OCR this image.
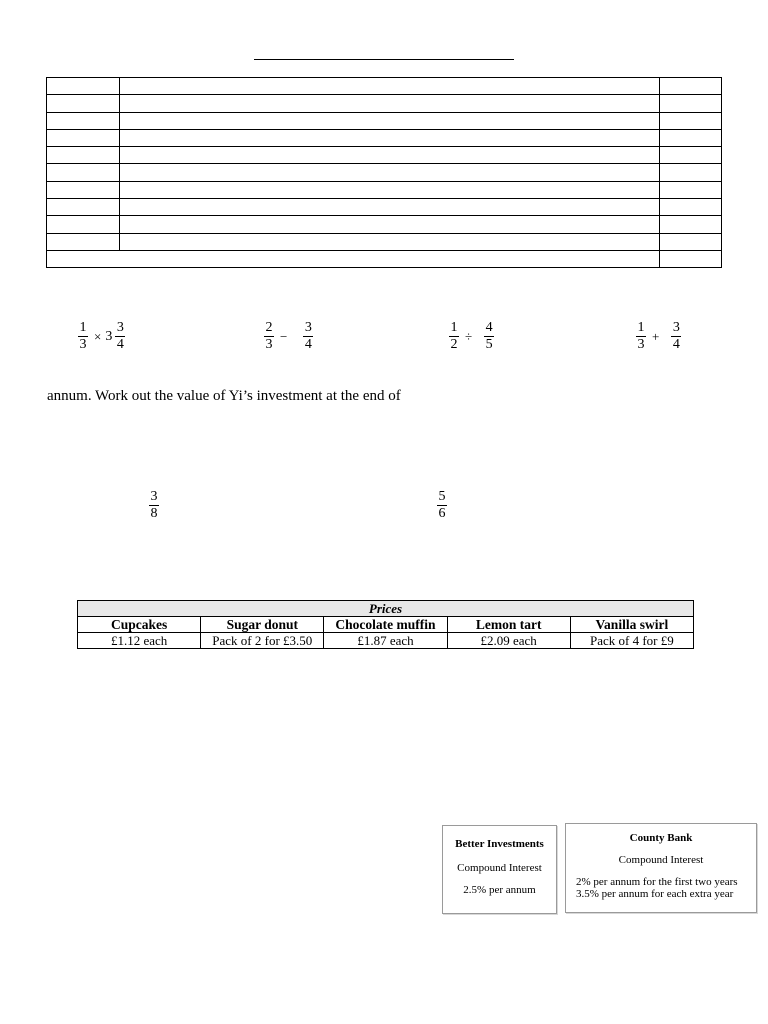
$\frac{1}{3} \times 3 \frac{3}{4}$	$\frac{2}{3} - \frac{3}{4}$	$\frac{1}{2} \div \frac{4}{5}$	$\frac{1}{3} + \frac{3}{4}$
annum. Work out the value of Yi’s investment at the end of
$\frac{3}{8}$	$\frac{5}{6}$
Prices				
Cupcakes	Sugar donut	Chocolate muffin	Lemon tart	Vanilla swirl
£1.12 each	Pack of 2 for £3.50	£1.87 each	£2.09 each	Pack of 4 for £9
Better Investments
Compound Interest
2.5% per annum
County Bank
Compound Interest
2% per annum for the first two years
3.5% per annum for each extra year
